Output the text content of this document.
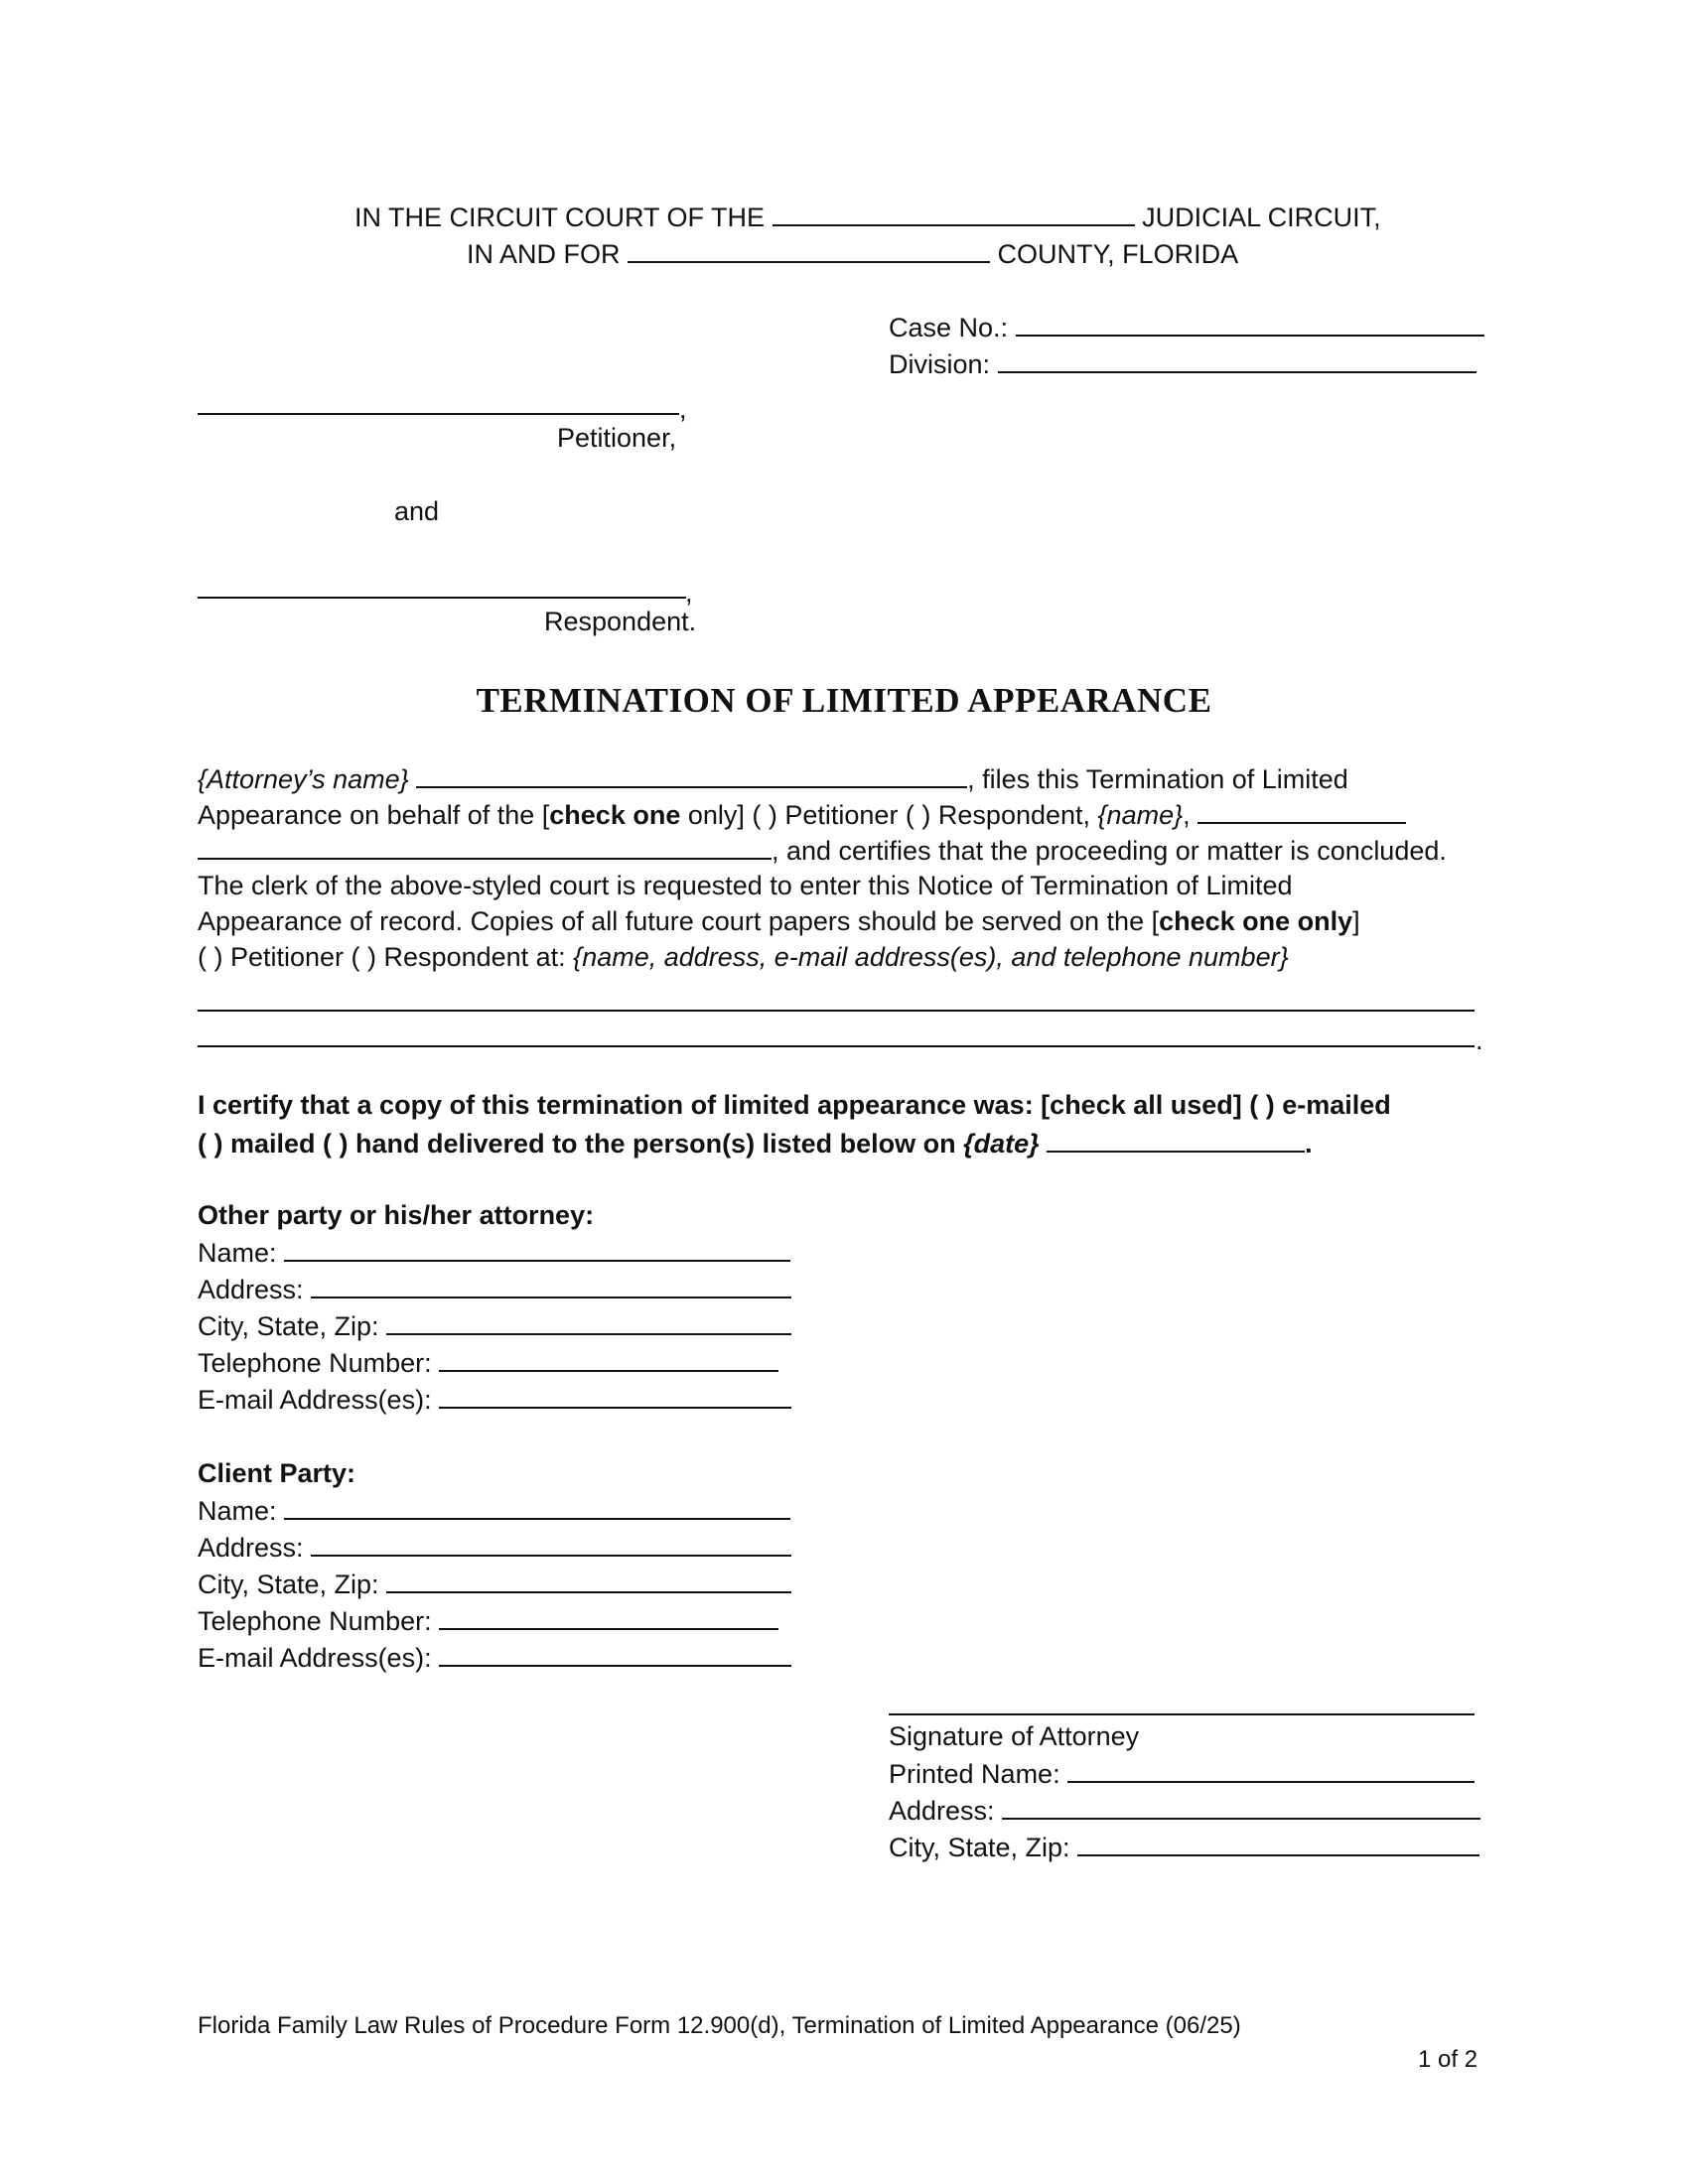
IN THE CIRCUIT COURT OF THE	JUDICIAL CIRCUIT,
IN AND FOR	COUNTY, FLORIDA
Case No.:
Division:
,
Petitioner,
and
,
Respondent.
TERMINATION OF LIMITED APPEARANCE
{Attorney’s name}	, files this Termination of Limited
Appearance on behalf of the [check one only] ( ) Petitioner ( ) Respondent, {name},
, and certifies that the proceeding or matter is concluded.
The clerk of the above-styled court is requested to enter this Notice of Termination of Limited
Appearance of record. Copies of all future court papers should be served on the [check one only]
( ) Petitioner ( ) Respondent at: {name, address, e-mail address(es), and telephone number}
.
I certify that a copy of this termination of limited appearance was: [check all used] ( ) e-mailed
( ) mailed ( ) hand delivered to the person(s) listed below on {date}	.
Other party or his/her attorney:
Name:
Address:
City, State, Zip:
Telephone Number:
E-mail Address(es):
Client Party:
Name:
Address:
City, State, Zip:
Telephone Number:
E-mail Address(es):
Signature of Attorney
Printed Name:
Address:
City, State, Zip:
Florida Family Law Rules of Procedure Form 12.900(d), Termination of Limited Appearance (06/25)
1 of 2
